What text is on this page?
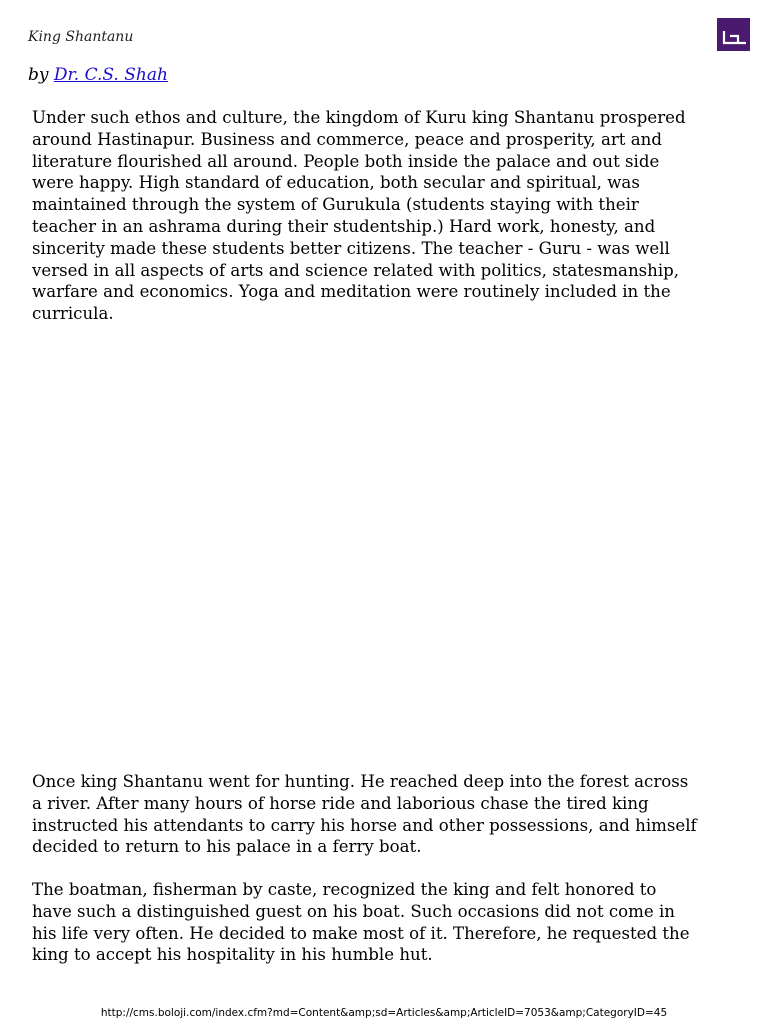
King Shantanu
by Dr. C.S. Shah

Under such ethos and culture, the kingdom of Kuru king Shantanu prospered
around Hastinapur. Business and commerce, peace and prosperity, art and
literature flourished all around. People both inside the palace and out side
were happy. High standard of education, both secular and spiritual, was
maintained through the system of Gurukula (students staying with their
teacher in an ashrama during their studentship.) Hard work, honesty, and
sincerity made these students better citizens. The teacher - Guru - was well
versed in all aspects of arts and science related with politics, statesmanship,
warfare and economics. Yoga and meditation were routinely included in the
curricula.

Once king Shantanu went for hunting. He reached deep into the forest across
a river. After many hours of horse ride and laborious chase the tired king
instructed his attendants to carry his horse and other possessions, and himself
decided to return to his palace in a ferry boat.

The boatman, fisherman by caste, recognized the king and felt honored to
have such a distinguished guest on his boat. Such occasions did not come in
his life very often. He decided to make most of it. Therefore, he requested the
king to accept his hospitality in his humble hut.

http://cms.boloji.com/index.cfm?md=Content&amp;sd=Articles&amp;ArticleID=7053&amp;CategoryID=45
